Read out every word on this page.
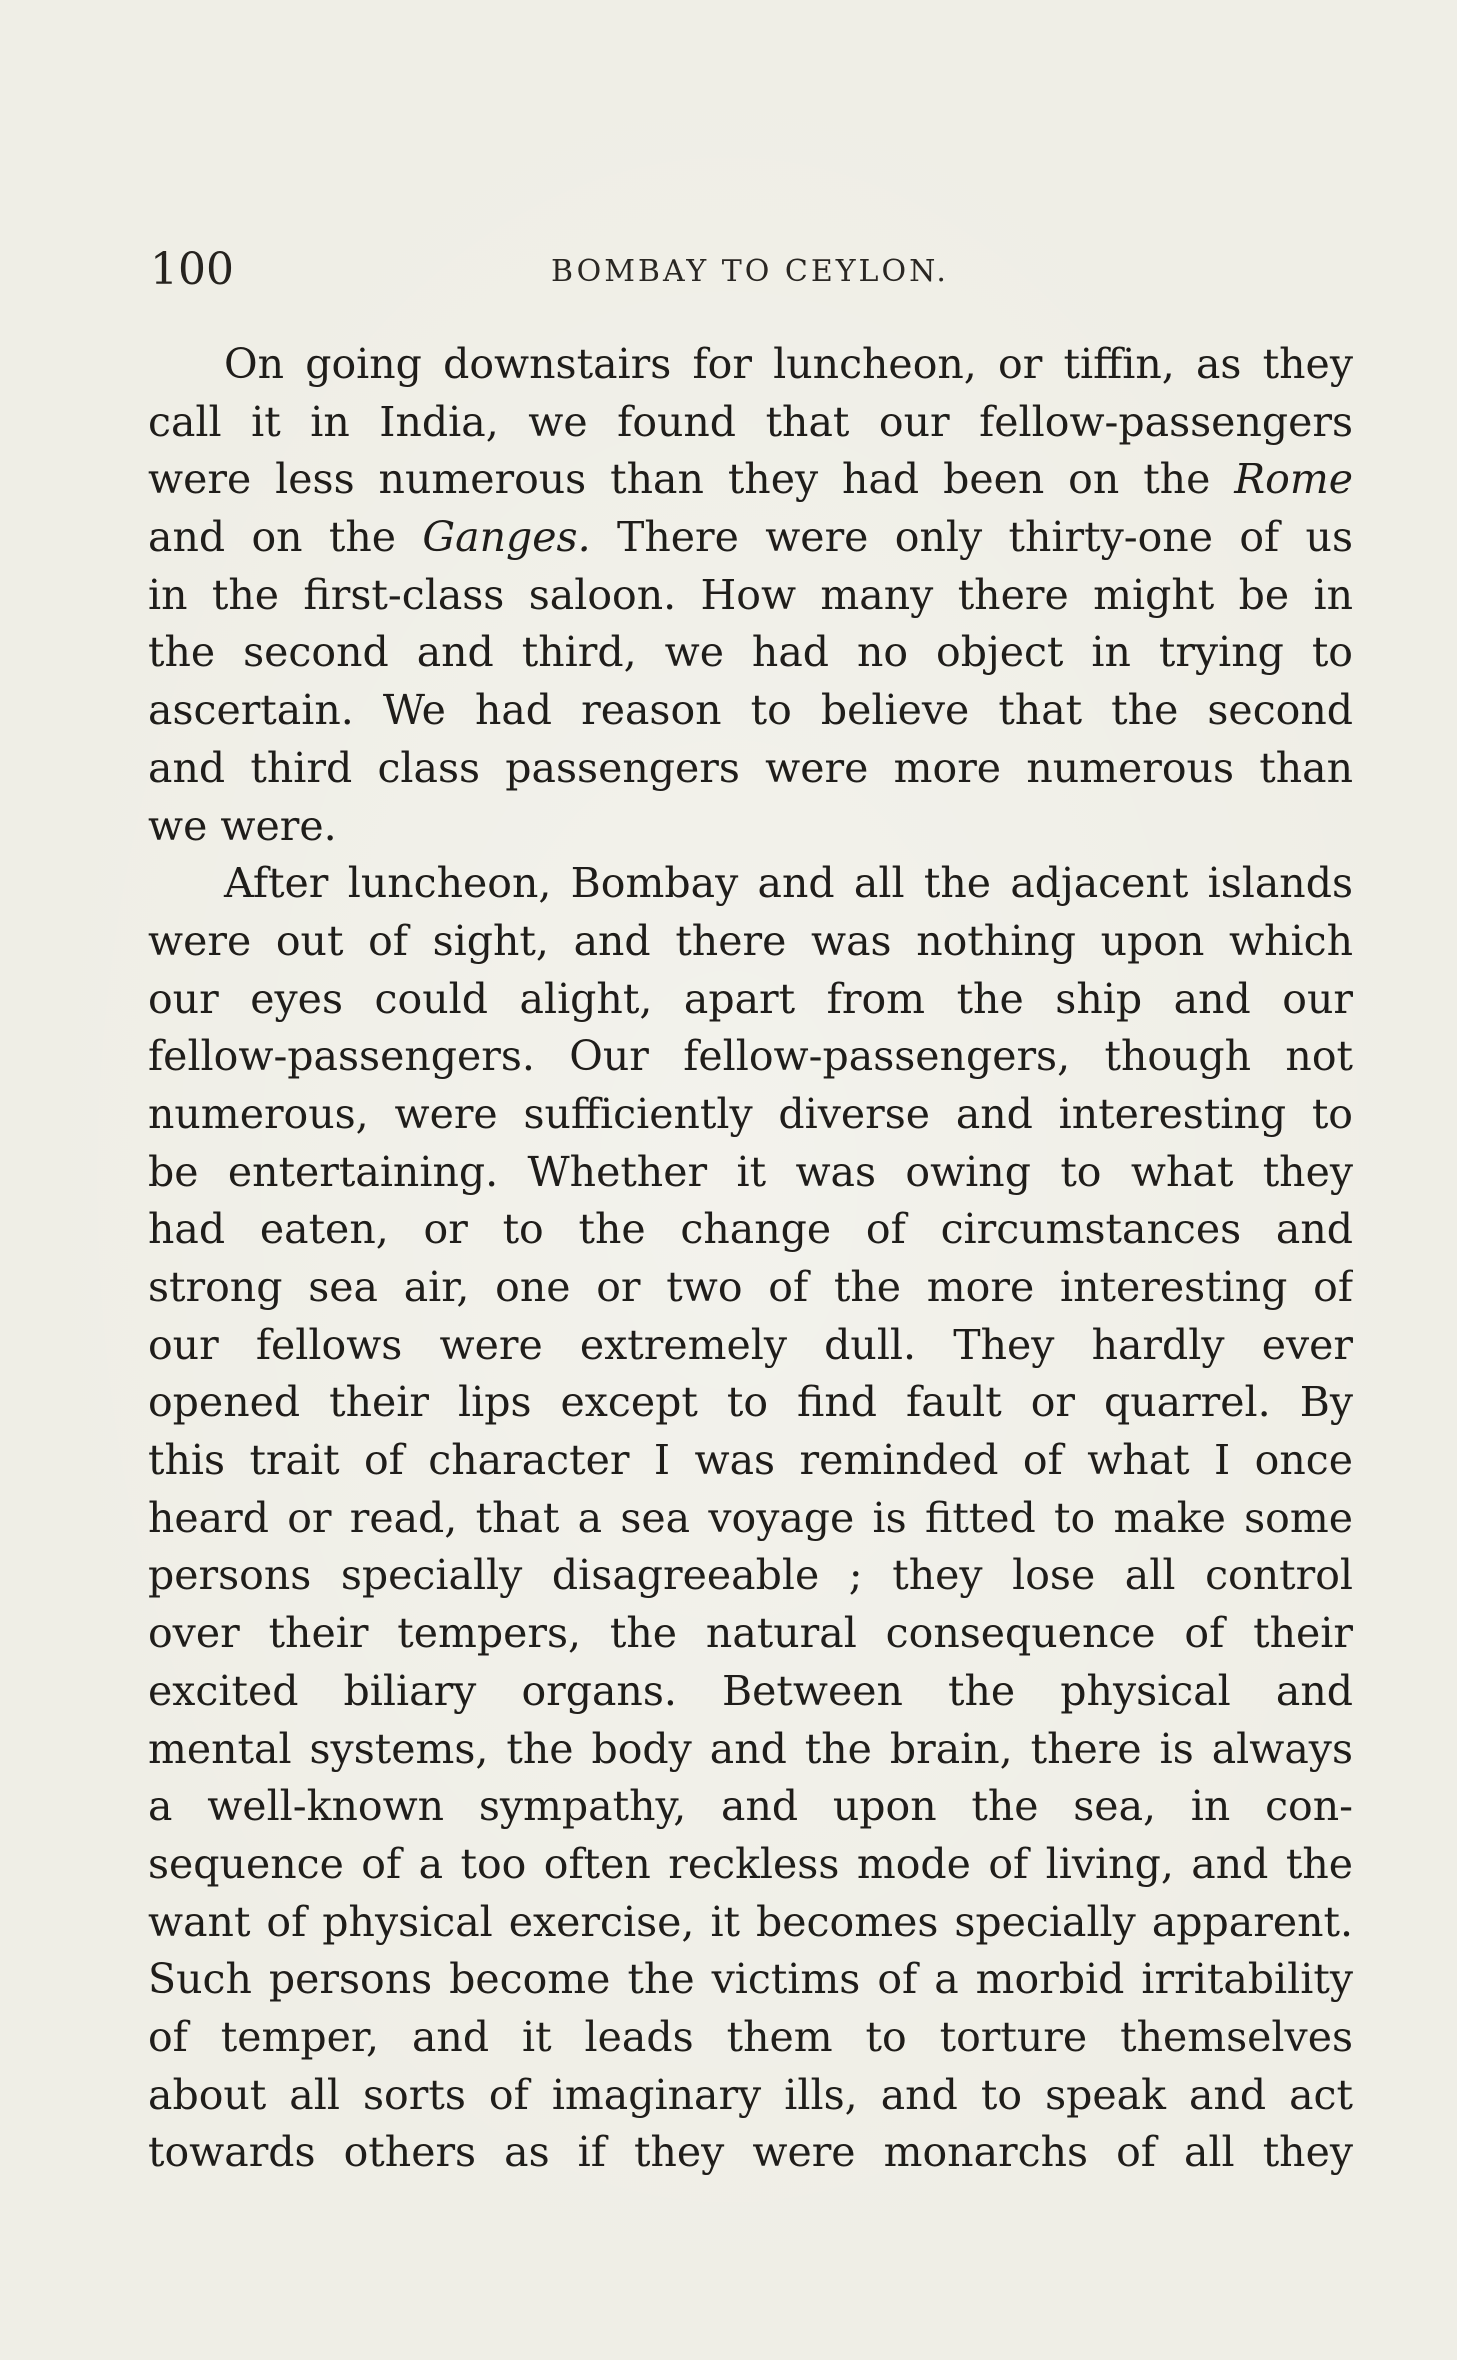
100	BOMBAY TO CEYLON.
On going downstairs for luncheon, or tiffin, as they
call it in India, we found that our fellow-passengers
were less numerous than they had been on the Rome
and on the Ganges. There were only thirty-one of us
in the first-class saloon. How many there might be in
the second and third, we had no object in trying to
ascertain. We had reason to believe that the second
and third class passengers were more numerous than
we were.
After luncheon, Bombay and all the adjacent islands
were out of sight, and there was nothing upon which
our eyes could alight, apart from the ship and our
fellow-passengers. Our fellow-passengers, though not
numerous, were sufficiently diverse and interesting to
be entertaining. Whether it was owing to what they
had eaten, or to the change of circumstances and
strong sea air, one or two of the more interesting of
our fellows were extremely dull. They hardly ever
opened their lips except to find fault or quarrel. By
this trait of character I was reminded of what I once
heard or read, that a sea voyage is fitted to make some
persons specially disagreeable ; they lose all control
over their tempers, the natural consequence of their
excited biliary organs. Between the physical and
mental systems, the body and the brain, there is always
a well-known sympathy, and upon the sea, in con-
sequence of a too often reckless mode of living, and the
want of physical exercise, it becomes specially apparent.
Such persons become the victims of a morbid irritability
of temper, and it leads them to torture themselves
about all sorts of imaginary ills, and to speak and act
towards others as if they were monarchs of all they
